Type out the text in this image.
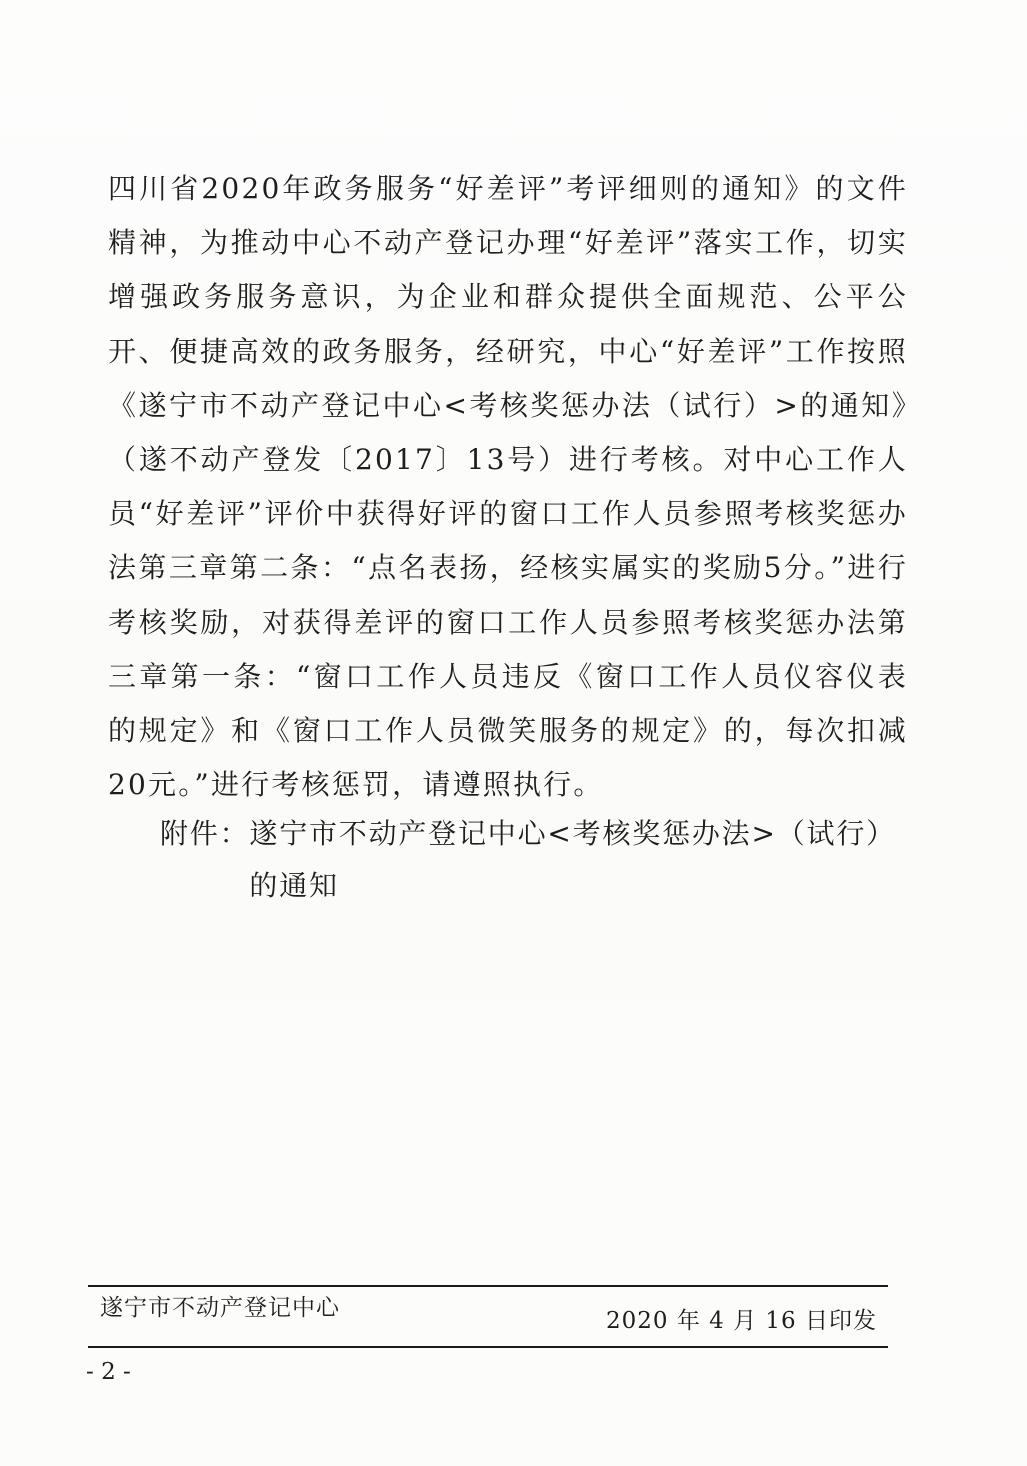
四川省2020年政务服务“好差评”考评细则的通知》的文件精神，为推动中心不动产登记办理“好差评”落实工作，切实增强政务服务意识，为企业和群众提供全面规范、公平公开、便捷高效的政务服务，经研究，中心“好差评”工作按照《遂宁市不动产登记中心<考核奖惩办法（试行）>的通知》（遂不动产登发〔2017〕13号）进行考核。对中心工作人员“好差评”评价中获得好评的窗口工作人员参照考核奖惩办法第三章第二条：“点名表扬，经核实属实的奖励5分。”进行考核奖励，对获得差评的窗口工作人员参照考核奖惩办法第三章第一条：“窗口工作人员违反《窗口工作人员仪容仪表的规定》和《窗口工作人员微笑服务的规定》的，每次扣减20元。”进行考核惩罚，请遵照执行。
附件： 遂宁市不动产登记中心<考核奖惩办法>（试行）的通知
遂宁市不动产登记中心	2020 年 4 月 16 日印发
- 2 -
